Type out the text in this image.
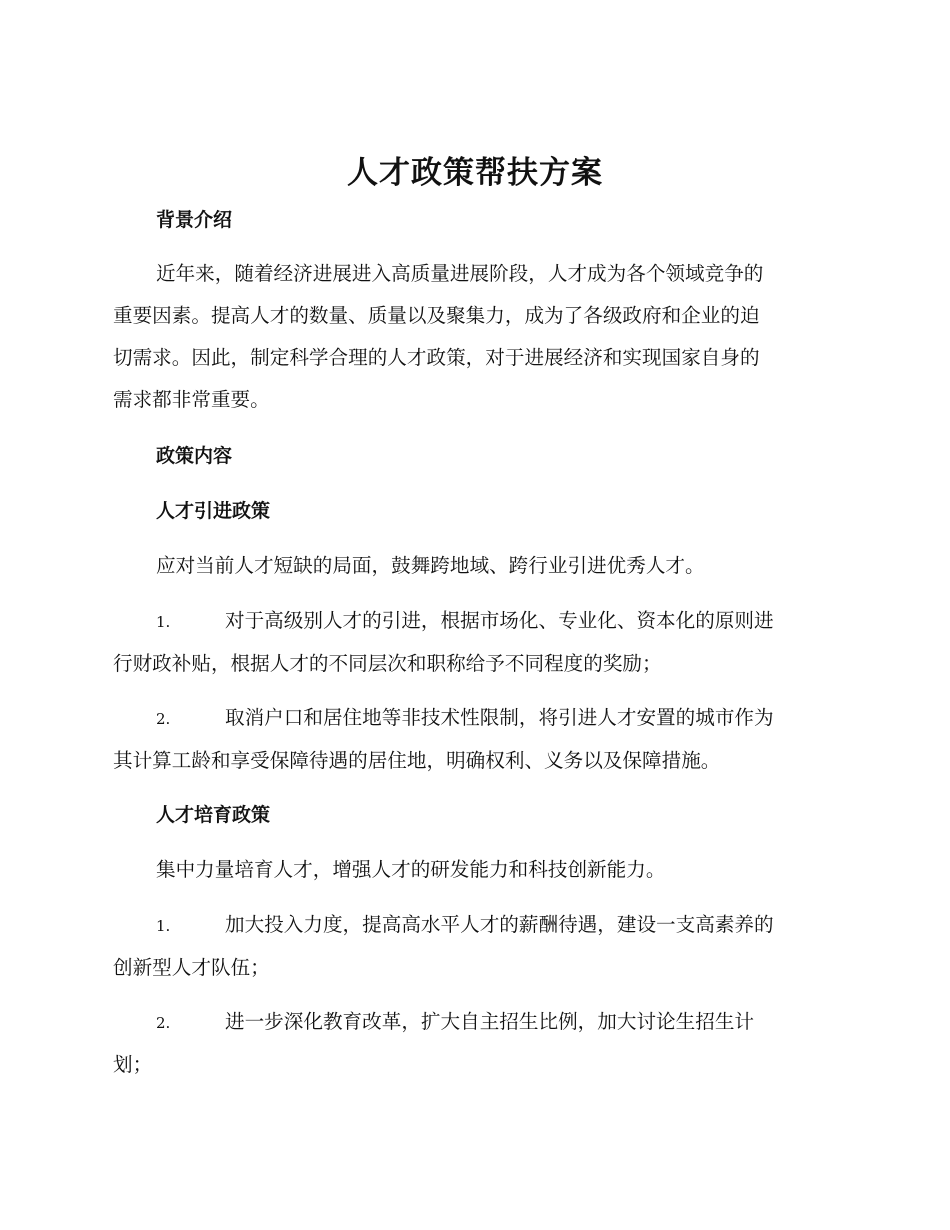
人才政策帮扶方案
背景介绍

近年来，随着经济进展进入高质量进展阶段，人才成为各个领域竞争的
重要因素。提高人才的数量、质量以及聚集力，成为了各级政府和企业的迫
切需求。因此，制定科学合理的人才政策，对于进展经济和实现国家自身的
需求都非常重要。

政策内容
人才引进政策

应对当前人才短缺的局面，鼓舞跨地域、跨行业引进优秀人才。

1.	对于高级别人才的引进，根据市场化、专业化、资本化的原则进
行财政补贴，根据人才的不同层次和职称给予不同程度的奖励；
2.	取消户口和居住地等非技术性限制，将引进人才安置的城市作为
其计算工龄和享受保障待遇的居住地，明确权利、义务以及保障措施。
人才培育政策

集中力量培育人才，增强人才的研发能力和科技创新能力。

1.	加大投入力度，提高高水平人才的薪酬待遇，建设一支高素养的
创新型人才队伍；
2.	进一步深化教育改革，扩大自主招生比例，加大讨论生招生计
划；
